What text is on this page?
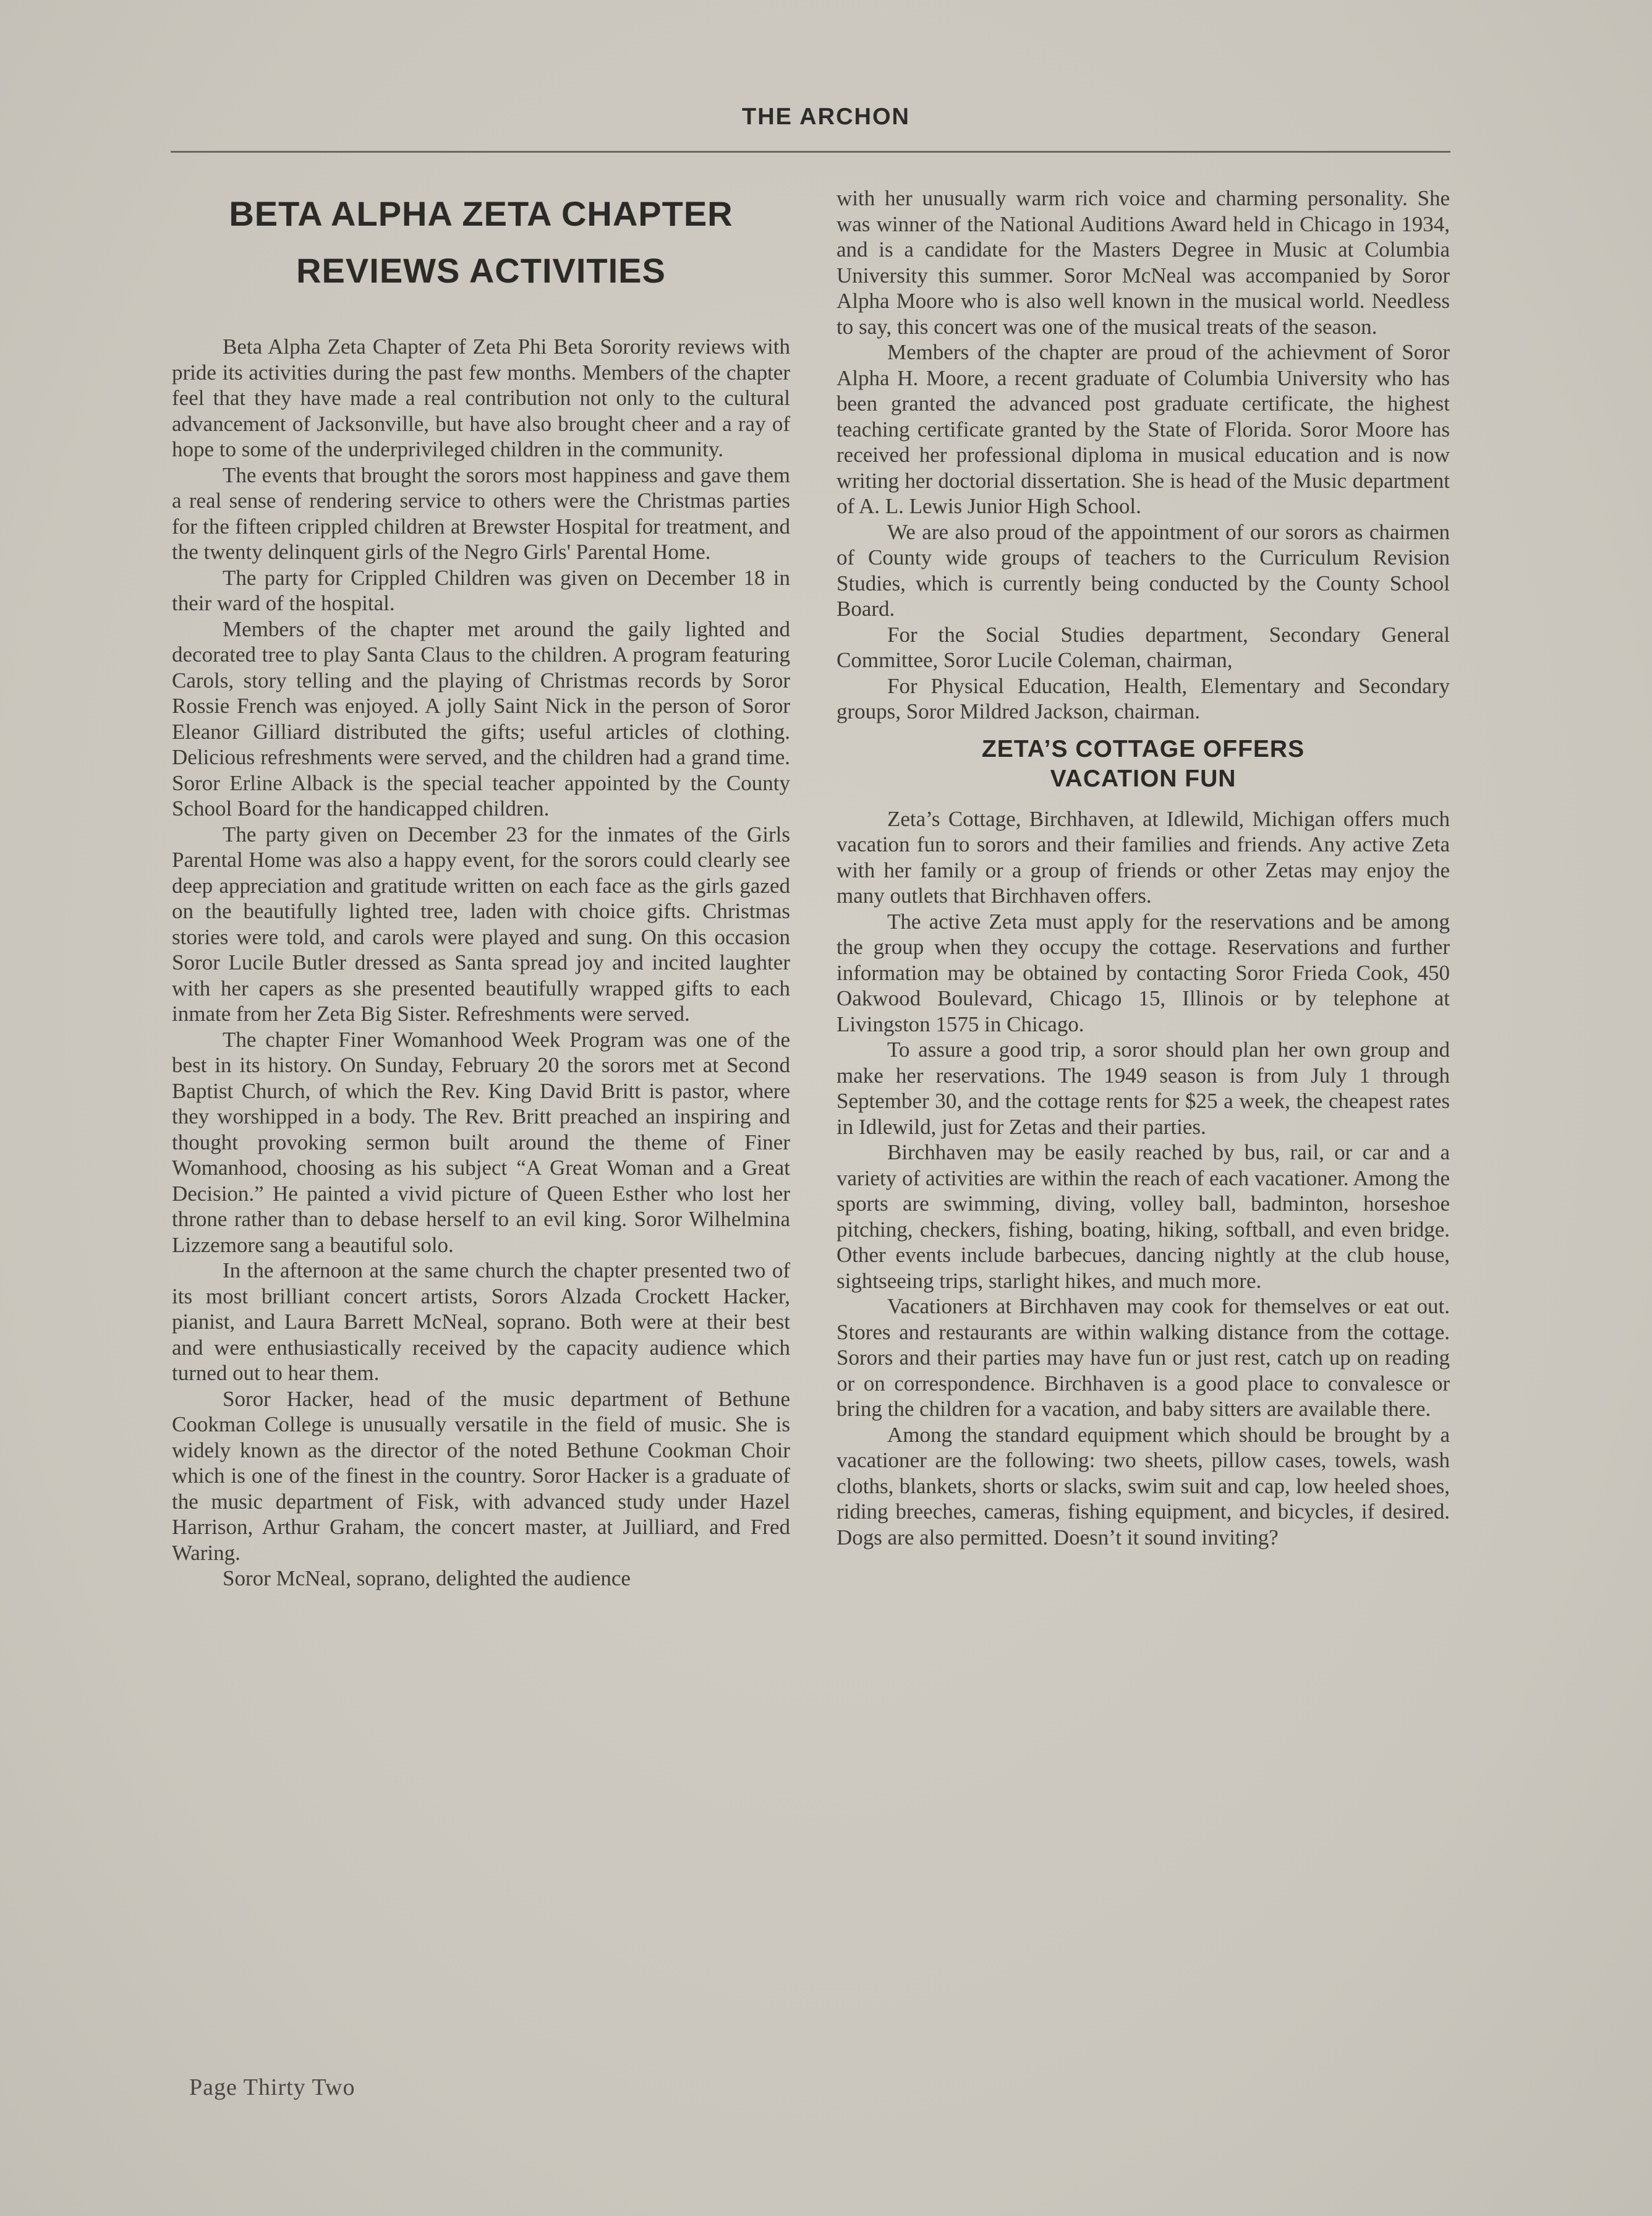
THE ARCHON
BETA ALPHA ZETA CHAPTER
REVIEWS ACTIVITIES

Beta Alpha Zeta Chapter of Zeta Phi Beta Sorority reviews with pride its activities during the past few months. Members of the chapter feel that they have made a real contribution not only to the cultural advancement of Jacksonville, but have also brought cheer and a ray of hope to some of the underprivileged children in the community.

The events that brought the sorors most happiness and gave them a real sense of rendering service to others were the Christmas parties for the fifteen crippled children at Brewster Hospital for treatment, and the twenty delinquent girls of the Negro Girls' Parental Home.

The party for Crippled Children was given on December 18 in their ward of the hospital.

Members of the chapter met around the gaily lighted and decorated tree to play Santa Claus to the children. A program featuring Carols, story telling and the playing of Christmas records by Soror Rossie French was enjoyed. A jolly Saint Nick in the person of Soror Eleanor Gilliard distributed the gifts; useful articles of clothing. Delicious refreshments were served, and the children had a grand time. Soror Erline Alback is the special teacher appointed by the County School Board for the handicapped children.

The party given on December 23 for the inmates of the Girls Parental Home was also a happy event, for the sorors could clearly see deep appreciation and gratitude written on each face as the girls gazed on the beautifully lighted tree, laden with choice gifts. Christmas stories were told, and carols were played and sung. On this occasion Soror Lucile Butler dressed as Santa spread joy and incited laughter with her capers as she presented beautifully wrapped gifts to each inmate from her Zeta Big Sister. Refreshments were served.

The chapter Finer Womanhood Week Program was one of the best in its history. On Sunday, February 20 the sorors met at Second Baptist Church, of which the Rev. King David Britt is pastor, where they worshipped in a body. The Rev. Britt preached an inspiring and thought provoking sermon built around the theme of Finer Womanhood, choosing as his subject “A Great Woman and a Great Decision.” He painted a vivid picture of Queen Esther who lost her throne rather than to debase herself to an evil king. Soror Wilhelmina Lizzemore sang a beautiful solo.

In the afternoon at the same church the chapter presented two of its most brilliant concert artists, Sorors Alzada Crockett Hacker, pianist, and Laura Barrett McNeal, soprano. Both were at their best and were enthusiastically received by the capacity audience which turned out to hear them.

Soror Hacker, head of the music department of Bethune Cookman College is unusually versatile in the field of music. She is widely known as the director of the noted Bethune Cookman Choir which is one of the finest in the country. Soror Hacker is a graduate of the music department of Fisk, with advanced study under Hazel Harrison, Arthur Graham, the concert master, at Juilliard, and Fred Waring.

Soror McNeal, soprano, delighted the audience

with her unusually warm rich voice and charming personality. She was winner of the National Auditions Award held in Chicago in 1934, and is a candidate for the Masters Degree in Music at Columbia University this summer. Soror McNeal was accompanied by Soror Alpha Moore who is also well known in the musical world. Needless to say, this concert was one of the musical treats of the season.

Members of the chapter are proud of the achievment of Soror Alpha H. Moore, a recent graduate of Columbia University who has been granted the advanced post graduate certificate, the highest teaching certificate granted by the State of Florida. Soror Moore has received her professional diploma in musical education and is now writing her doctorial dissertation. She is head of the Music department of A. L. Lewis Junior High School.

We are also proud of the appointment of our sorors as chairmen of County wide groups of teachers to the Curriculum Revision Studies, which is currently being conducted by the County School Board.

For the Social Studies department, Secondary General Committee, Soror Lucile Coleman, chairman,

For Physical Education, Health, Elementary and Secondary groups, Soror Mildred Jackson, chairman.

ZETA’S COTTAGE OFFERS
VACATION FUN

Zeta’s Cottage, Birchhaven, at Idlewild, Michigan offers much vacation fun to sorors and their families and friends. Any active Zeta with her family or a group of friends or other Zetas may enjoy the many outlets that Birchhaven offers.

The active Zeta must apply for the reservations and be among the group when they occupy the cottage. Reservations and further information may be obtained by contacting Soror Frieda Cook, 450 Oakwood Boulevard, Chicago 15, Illinois or by telephone at Livingston 1575 in Chicago.

To assure a good trip, a soror should plan her own group and make her reservations. The 1949 season is from July 1 through September 30, and the cottage rents for $25 a week, the cheapest rates in Idlewild, just for Zetas and their parties.

Birchhaven may be easily reached by bus, rail, or car and a variety of activities are within the reach of each vacationer. Among the sports are swimming, diving, volley ball, badminton, horseshoe pitching, checkers, fishing, boating, hiking, softball, and even bridge. Other events include barbecues, dancing nightly at the club house, sightseeing trips, starlight hikes, and much more.

Vacationers at Birchhaven may cook for themselves or eat out. Stores and restaurants are within walking distance from the cottage. Sorors and their parties may have fun or just rest, catch up on reading or on correspondence. Birchhaven is a good place to convalesce or bring the children for a vacation, and baby sitters are available there.

Among the standard equipment which should be brought by a vacationer are the following: two sheets, pillow cases, towels, wash cloths, blankets, shorts or slacks, swim suit and cap, low heeled shoes, riding breeches, cameras, fishing equipment, and bicycles, if desired. Dogs are also permitted. Doesn’t it sound inviting?

Page Thirty Two
